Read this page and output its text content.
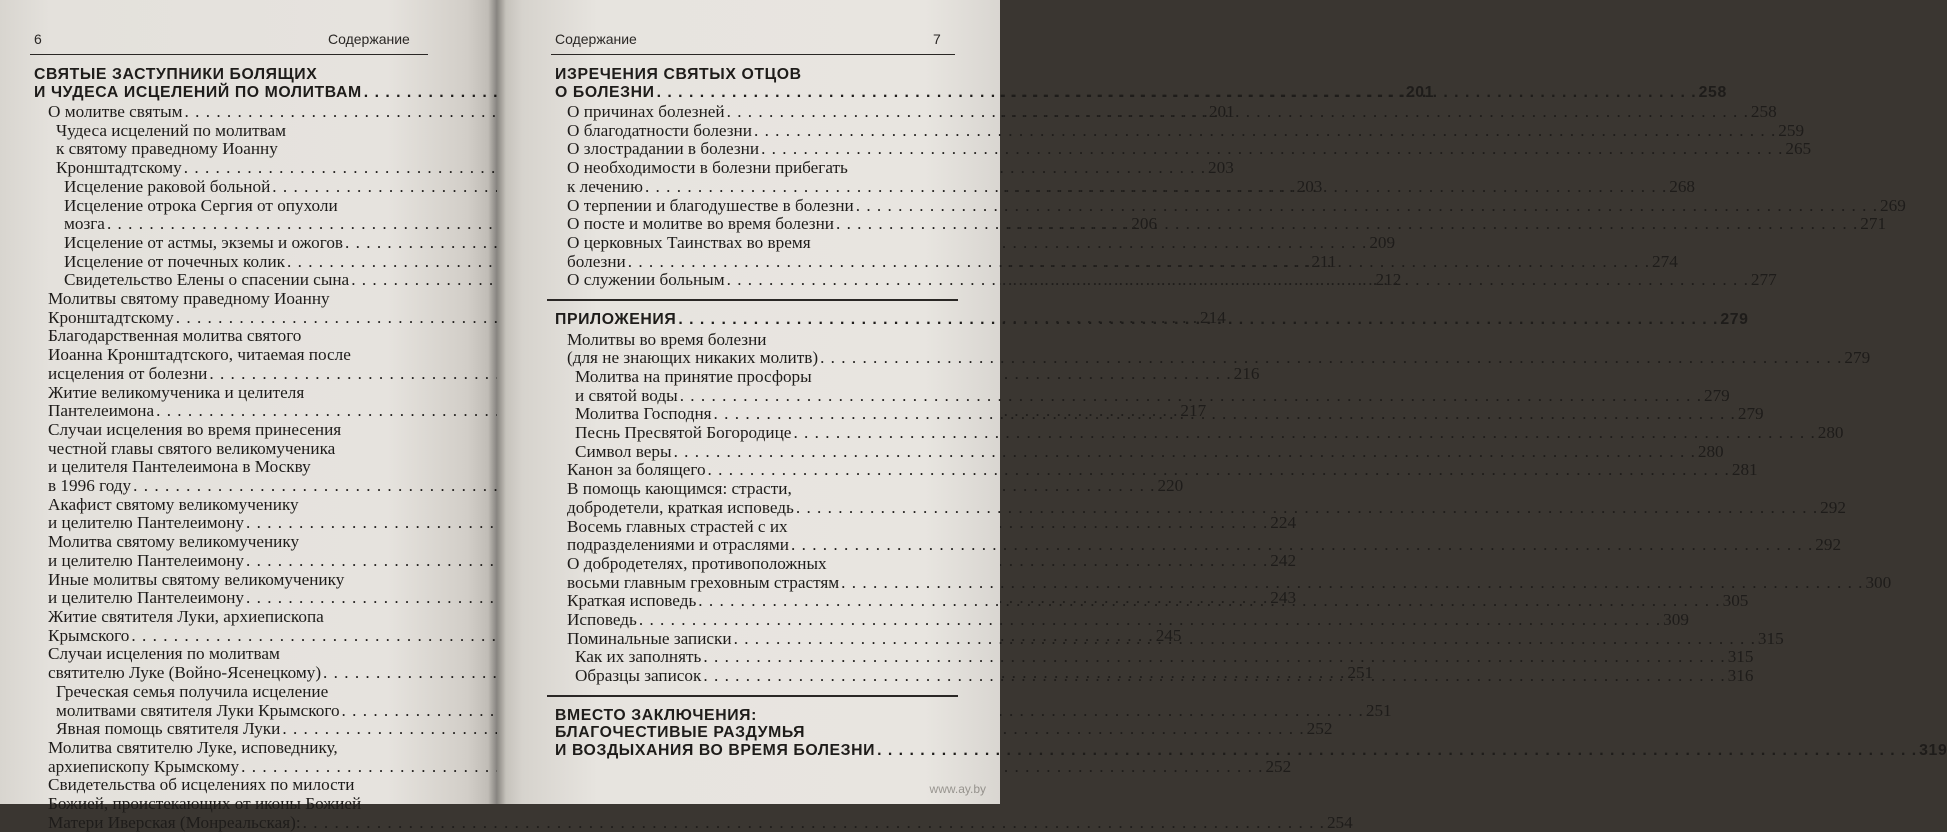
6	Содержание
СВЯТЫЕ ЗАСТУПНИКИ БОЛЯЩИХ
И ЧУДЕСА ИСЦЕЛЕНИЙ ПО МОЛИТВАМ . . .	201
О молитве святым . . .	201
Чудеса исцелений по молитвам
к святому праведному Иоанну
Кронштадтскому . . .	203
Исцеление раковой больной . . .	203
Исцеление отрока Сергия от опухоли
мозга . . .	206
Исцеление от астмы, экземы и ожогов . . .	209
Исцеление от почечных колик . . .	211
Свидетельство Елены о спасении сына . . .	212
Молитвы святому праведному Иоанну
Кронштадтскому . . .	214
Благодарственная молитва святого
Иоанна Кронштадтского, читаемая после
исцеления от болезни . . .	216
Житие великомученика и целителя
Пантелеимона . . .	217
Случаи исцеления во время принесения
честной главы святого великомученика
и целителя Пантелеимона в Москву
в 1996 году . . .	220
Акафист святому великомученику
и целителю Пантелеимону . . .	224
Молитва святому великомученику
и целителю Пантелеимону . . .	242
Иные молитвы святому великомученику
и целителю Пантелеимону . . .	243
Житие святителя Луки, архиепископа
Крымского . . .	245
Случаи исцеления по молитвам
святителю Луке (Войно-Ясенецкому) . . .	251
Греческая семья получила исцеление
молитвами святителя Луки Крымского . . .	251
Явная помощь святителя Луки . . .	252
Молитва святителю Луке, исповеднику,
архиепископу Крымскому . . .	252
Свидетельства об исцелениях по милости
Божией, проистекающих от иконы Божией
Матери Иверская (Монреальская): . . .	254
Содержание	7
ИЗРЕЧЕНИЯ СВЯТЫХ ОТЦОВ
О БОЛЕЗНИ . . .	258
О причинах болезней . . .	258
О благодатности болезни . . .	259
О злострадании в болезни . . .	265
О необходимости в болезни прибегать
к лечению . . .	268
О терпении и благодушестве в болезни . . .	269
О посте и молитве во время болезни . . .	271
О церковных Таинствах во время
болезни . . .	274
О служении больным . . .	277
ПРИЛОЖЕНИЯ . . .	279
Молитвы во время болезни
(для не знающих никаких молитв) . . .	279
Молитва на принятие просфоры
и святой воды . . .	279
Молитва Господня . . .	279
Песнь Пресвятой Богородице . . .	280
Символ веры . . .	280
Канон за болящего . . .	281
В помощь кающимся: страсти,
добродетели, краткая исповедь . . .	292
Восемь главных страстей с их
подразделениями и отраслями . . .	292
О добродетелях, противоположных
восьми главным греховным страстям . . .	300
Краткая исповедь . . .	305
Исповедь . . .	309
Поминальные записки . . .	315
Как их заполнять . . .	315
Образцы записок . . .	316
ВМЕСТО ЗАКЛЮЧЕНИЯ:
БЛАГОЧЕСТИВЫЕ РАЗДУМЬЯ
И ВОЗДЫХАНИЯ ВО ВРЕМЯ БОЛЕЗНИ . . .	319
www.ay.by
